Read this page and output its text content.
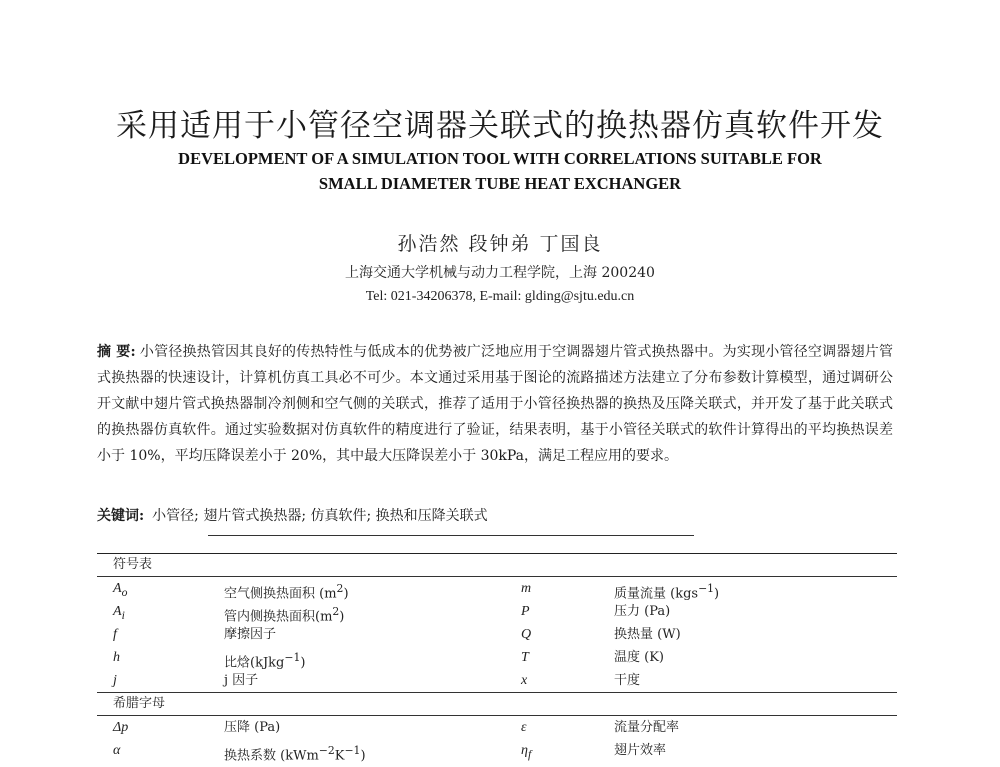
采用适用于小管径空调器关联式的换热器仿真软件开发
DEVELOPMENT OF A SIMULATION TOOL WITH CORRELATIONS SUITABLE FOR
SMALL DIAMETER TUBE HEAT EXCHANGER
孙浩然 段钟弟 丁国良
上海交通大学机械与动力工程学院，上海 200240
Tel: 021-34206378, E-mail: glding@sjtu.edu.cn
摘 要: 小管径换热管因其良好的传热特性与低成本的优势被广泛地应用于空调器翅片管式换热器中。为实现小管径空调器翅片管式换热器的快速设计，计算机仿真工具必不可少。本文通过采用基于图论的流路描述方法建立了分布参数计算模型，通过调研公开文献中翅片管式换热器制冷剂侧和空气侧的关联式，推荐了适用于小管径换热器的换热及压降关联式，并开发了基于此关联式的换热器仿真软件。通过实验数据对仿真软件的精度进行了验证，结果表明，基于小管径关联式的软件计算得出的平均换热误差小于 10%，平均压降误差小于 20%，其中最大压降误差小于 30kPa，满足工程应用的要求。
关键词: 小管径; 翅片管式换热器; 仿真软件; 换热和压降关联式
符号表
$A_o$	空气侧换热面积 $(m^2)$	m	质量流量 (kgs$^{-1}$)
$A_i$	管内侧换热面积$(m^2)$	P	压力 (Pa)
f	摩擦因子	Q	换热量 (W)
h	比焓(kJkg$^{-1}$)	T	温度 (K)
j	j 因子	x	干度
希腊字母
Δp	压降 (Pa)	ε	流量分配率
α	换热系数 $(kWm^{-2}K^{-1})$	$\eta_f$	翅片效率
